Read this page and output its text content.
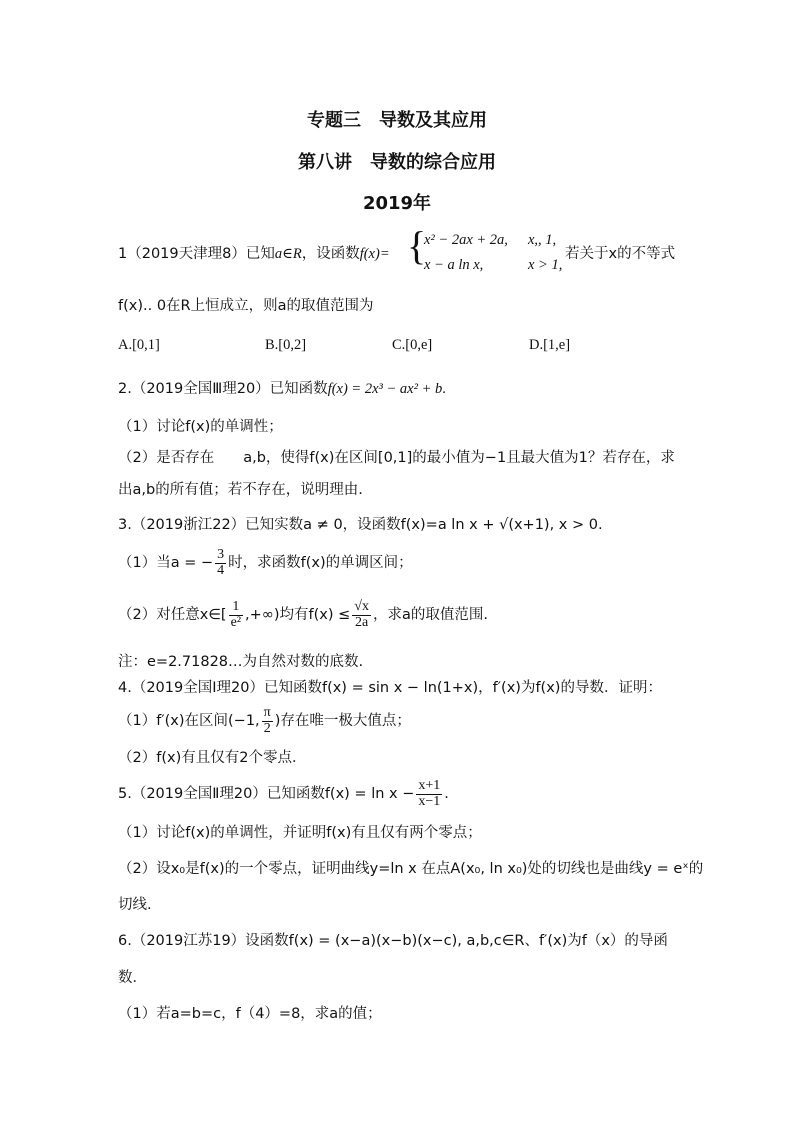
专题三　导数及其应用
第八讲　导数的综合应用
2019年
1（2019天津理8）已知a∈R，设函数f(x)= {
x² − 2ax + 2a, x,, 1,
x − a ln x,	x > 1,
若关于x的不等式
f(x).. 0在R上恒成立，则a的取值范围为
A.[0,1]	B.[0,2]	C.[0,e]	D.[1,e]
2.（2019全国Ⅲ理20）已知函数f(x) = 2x³ − ax² + b.
（1）讨论f(x)的单调性；
（2）是否存在　　a,b，使得f(x)在区间[0,1]的最小值为−1且最大值为1？若存在，求
出a,b的所有值；若不存在，说明理由.
3.（2019浙江22）已知实数a ≠ 0，设函数f(x)=a ln x + √(x+1), x > 0.
（1）当a = − $\frac{3}{4}$ 时，求函数f(x)的单调区间；
（2）对任意x∈[ $\frac{1}{\text{e²}}$ ,+∞)均有$f(x) \le \frac{√x}{2a}$ ，求a的取值范围.
注：e=2.71828…为自然对数的底数.
4.（2019全国Ⅰ理20）已知函数f(x) = sin x − ln(1+x)，f′(x)为f(x)的导数．证明：
（1）f′(x)在区间(−1, $\frac{\pi}{2}$ )存在唯一极大值点；
（2）f(x)有且仅有2个零点．
5.（2019全国Ⅱ理20）已知函数$f(x) = \ln x - \frac{x+1}{x-1}$ .
（1）讨论f(x)的单调性，并证明f(x)有且仅有两个零点；
（2）设x₀是f(x)的一个零点，证明曲线y=ln x 在点A(x₀, ln x₀)处的切线也是曲线y = eˣ的
切线.
6.（2019江苏19）设函数f(x) = (x−a)(x−b)(x−c), a,b,c∈R、f′(x)为f（x）的导函
数．
（1）若a=b=c，f（4）=8，求a的值；
